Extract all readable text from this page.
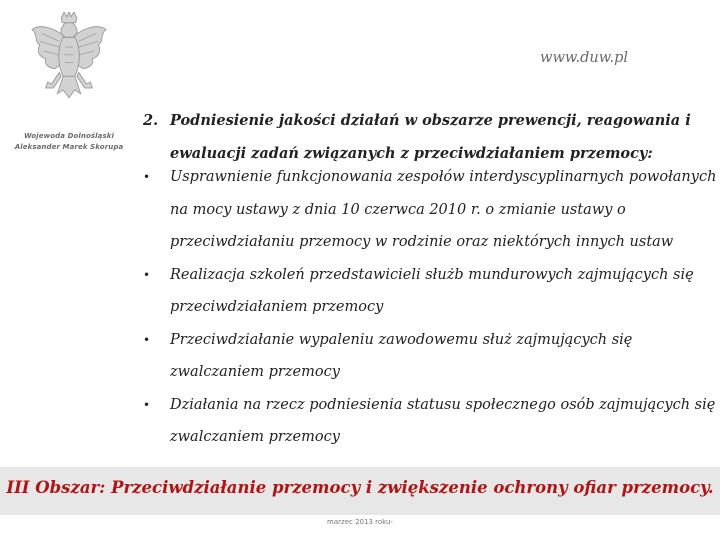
Wojewoda Dolnośląski
Aleksander Marek Skorupa
www.duw.pl
2. Podniesienie jakości działań w obszarze prewencji, reagowania i ewaluacji zadań związanych z przeciwdziałaniem przemocy:
• Usprawnienie funkcjonowania zespołów interdyscyplinarnych powołanych na mocy ustawy z dnia 10 czerwca 2010 r. o zmianie ustawy o przeciwdziałaniu przemocy w rodzinie oraz niektórych innych ustaw
• Realizacja szkoleń przedstawicieli służb mundurowych zajmujących się przeciwdziałaniem przemocy
• Przeciwdziałanie wypaleniu zawodowemu służ zajmujących się zwalczaniem przemocy
• Działania na rzecz podniesienia statusu społecznego osób zajmujących się zwalczaniem przemocy
III Obszar: Przeciwdziałanie przemocy i zwiększenie ochrony ofiar przemocy.
marzec 2013 roku-
